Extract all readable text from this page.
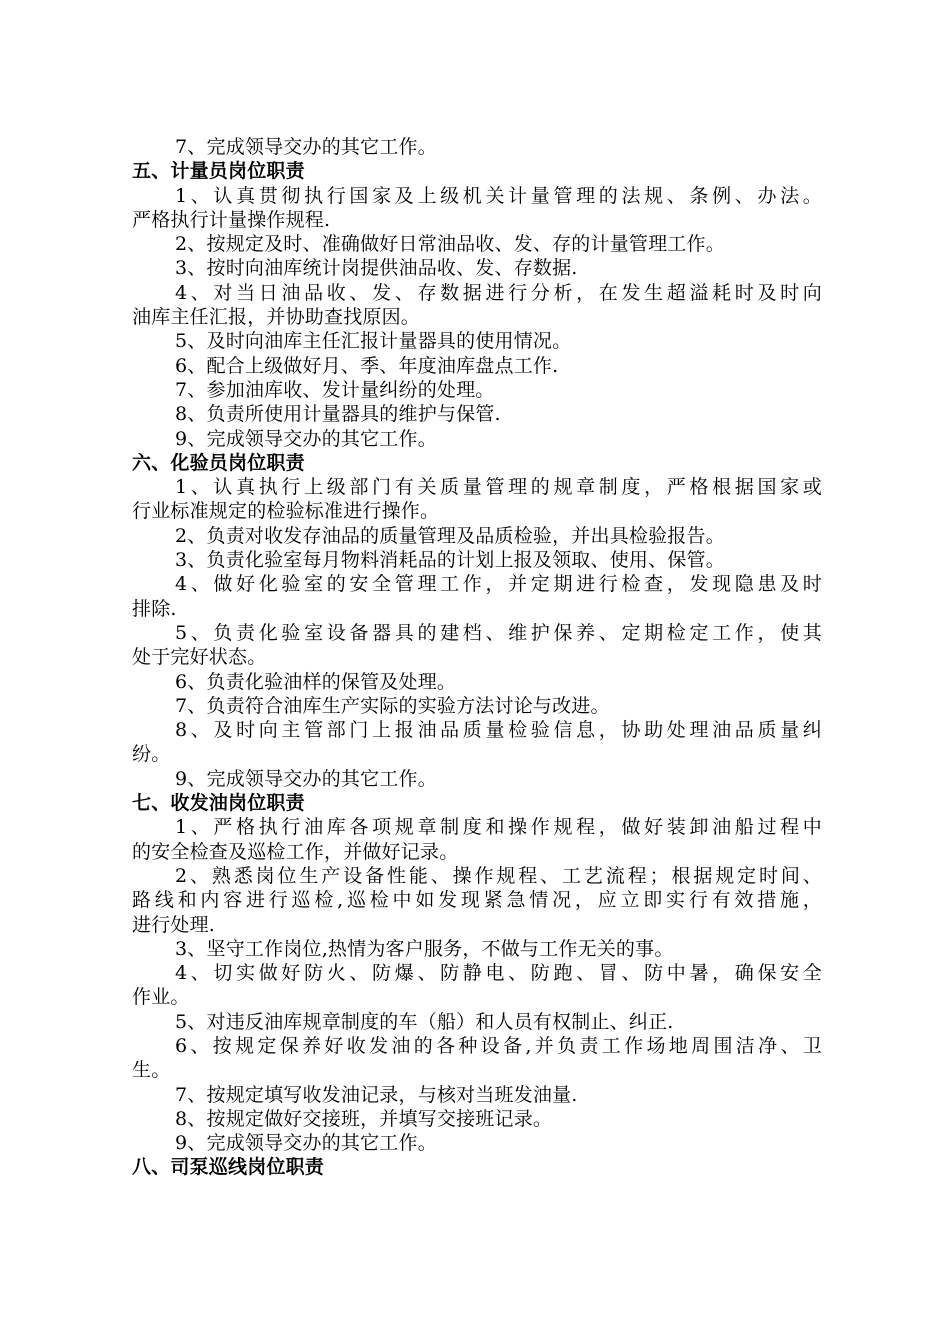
7、完成领导交办的其它工作。
五、计量员岗位职责
1、认真贯彻执行国家及上级机关计量管理的法规、条例、办法。
严格执行计量操作规程.
2、按规定及时、准确做好日常油品收、发、存的计量管理工作。
3、按时向油库统计岗提供油品收、发、存数据.
4、对当日油品收、发、存数据进行分析，在发生超溢耗时及时向
油库主任汇报，并协助查找原因。
5、及时向油库主任汇报计量器具的使用情况。
6、配合上级做好月、季、年度油库盘点工作.
7、参加油库收、发计量纠纷的处理。
8、负责所使用计量器具的维护与保管.
9、完成领导交办的其它工作。
六、化验员岗位职责
1、认真执行上级部门有关质量管理的规章制度，严格根据国家或
行业标准规定的检验标准进行操作。
2、负责对收发存油品的质量管理及品质检验，并出具检验报告。
3、负责化验室每月物料消耗品的计划上报及领取、使用、保管。
4、做好化验室的安全管理工作，并定期进行检查，发现隐患及时
排除.
5、负责化验室设备器具的建档、维护保养、定期检定工作，使其
处于完好状态。
6、负责化验油样的保管及处理。
7、负责符合油库生产实际的实验方法讨论与改进。
8、及时向主管部门上报油品质量检验信息，协助处理油品质量纠
纷。
9、完成领导交办的其它工作。
七、收发油岗位职责
1、严格执行油库各项规章制度和操作规程，做好装卸油船过程中
的安全检查及巡检工作，并做好记录。
2、熟悉岗位生产设备性能、操作规程、工艺流程；根据规定时间、
路线和内容进行巡检,巡检中如发现紧急情况，应立即实行有效措施，
进行处理.
3、坚守工作岗位,热情为客户服务，不做与工作无关的事。
4、切实做好防火、防爆、防静电、防跑、冒、防中暑，确保安全
作业。
5、对违反油库规章制度的车（船）和人员有权制止、纠正.
6、按规定保养好收发油的各种设备,并负责工作场地周围洁净、卫
生。
7、按规定填写收发油记录，与核对当班发油量.
8、按规定做好交接班，并填写交接班记录。
9、完成领导交办的其它工作。
八、司泵巡线岗位职责
